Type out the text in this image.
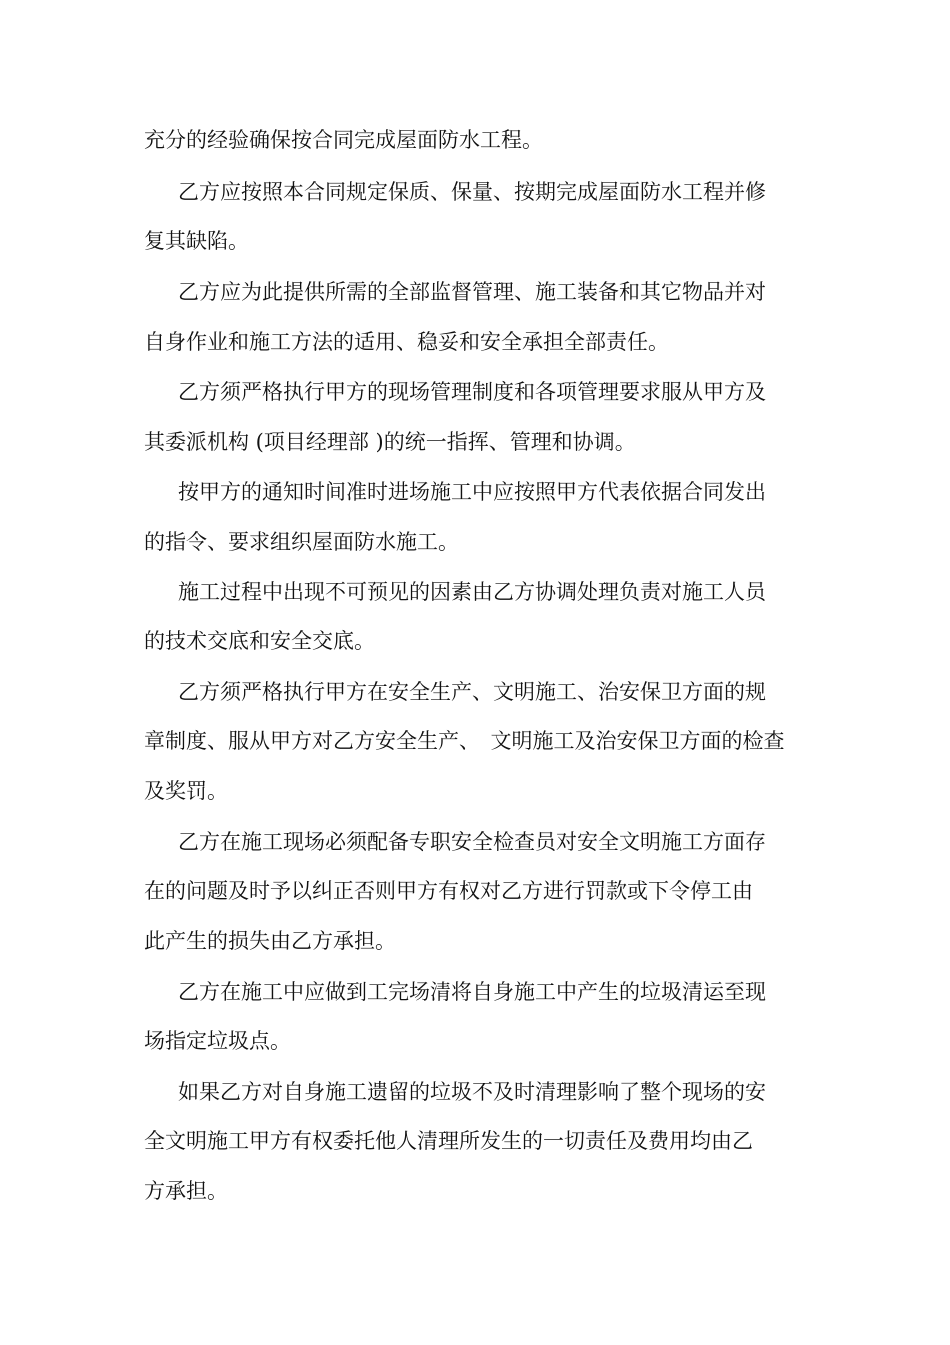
充分的经验确保按合同完成屋面防水工程。

乙方应按照本合同规定保质、保量、按期完成屋面防水工程并修

复其缺陷。

乙方应为此提供所需的全部监督管理、施工装备和其它物品并对

自身作业和施工方法的适用、稳妥和安全承担全部责任。

乙方须严格执行甲方的现场管理制度和各项管理要求服从甲方及

其委派机构 (项目经理部 )的统一指挥、管理和协调。

按甲方的通知时间准时进场施工中应按照甲方代表依据合同发出

的指令、要求组织屋面防水施工。

施工过程中出现不可预见的因素由乙方协调处理负责对施工人员

的技术交底和安全交底。

乙方须严格执行甲方在安全生产、文明施工、治安保卫方面的规

章制度、服从甲方对乙方安全生产、　文明施工及治安保卫方面的检查

及奖罚。

乙方在施工现场必须配备专职安全检查员对安全文明施工方面存

在的问题及时予以纠正否则甲方有权对乙方进行罚款或下令停工由

此产生的损失由乙方承担。

乙方在施工中应做到工完场清将自身施工中产生的垃圾清运至现

场指定垃圾点。

如果乙方对自身施工遗留的垃圾不及时清理影响了整个现场的安

全文明施工甲方有权委托他人清理所发生的一切责任及费用均由乙

方承担。
